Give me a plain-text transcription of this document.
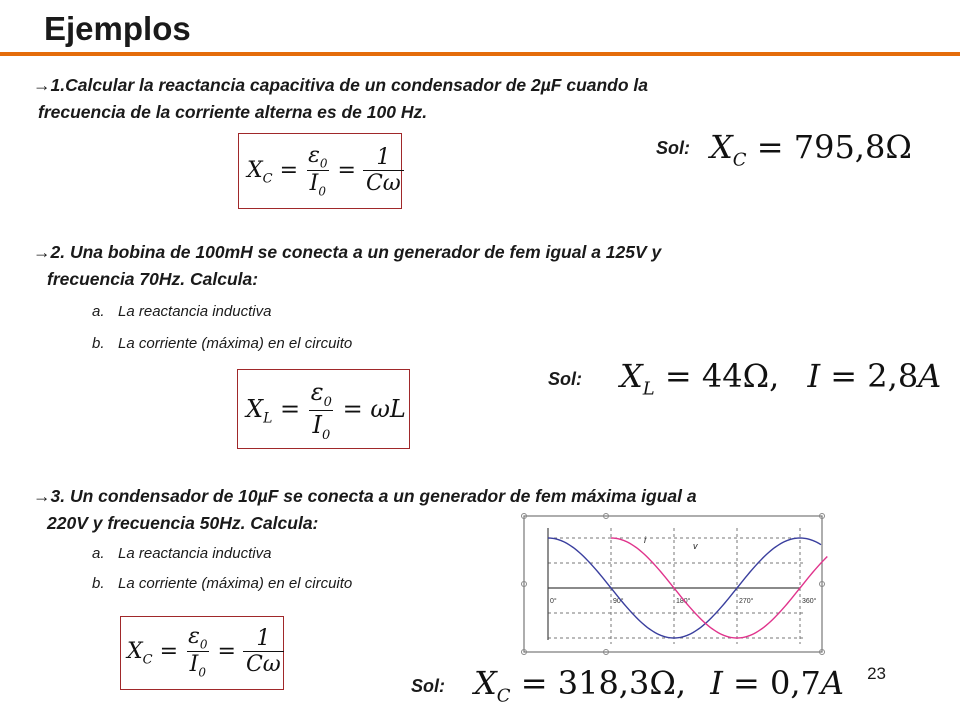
Ejemplos
→1.Calcular la reactancia capacitiva de un condensador de 2µF cuando la
frecuencia de la corriente alterna es de 100 Hz.
Sol: $X_C = 795,8\Omega$
$X_C = \frac{\varepsilon_0}{I_0} = \frac{1}{C\omega}$
→2. Una bobina de 100mH se conecta a un generador de fem igual a 125V y
frecuencia 70Hz. Calcula:
a. La reactancia inductiva
b. La corriente (máxima) en el circuito
Sol: $X_L = 44\Omega$, I = 2,8A
$X_L = \frac{\varepsilon_0}{I_0} = \omega L$
→3. Un condensador de 10µF se conecta a un generador de fem máxima igual a
220V y frecuencia 50Hz. Calcula:
a. La reactancia inductiva
b. La corriente (máxima) en el circuito
$X_C = \frac{\varepsilon_0}{I_0} = \frac{1}{C\omega}$
Sol: $X_C = 318,3\Omega$, I = 0,7A
0°	90°	180°	270°	360°
i
v
23
